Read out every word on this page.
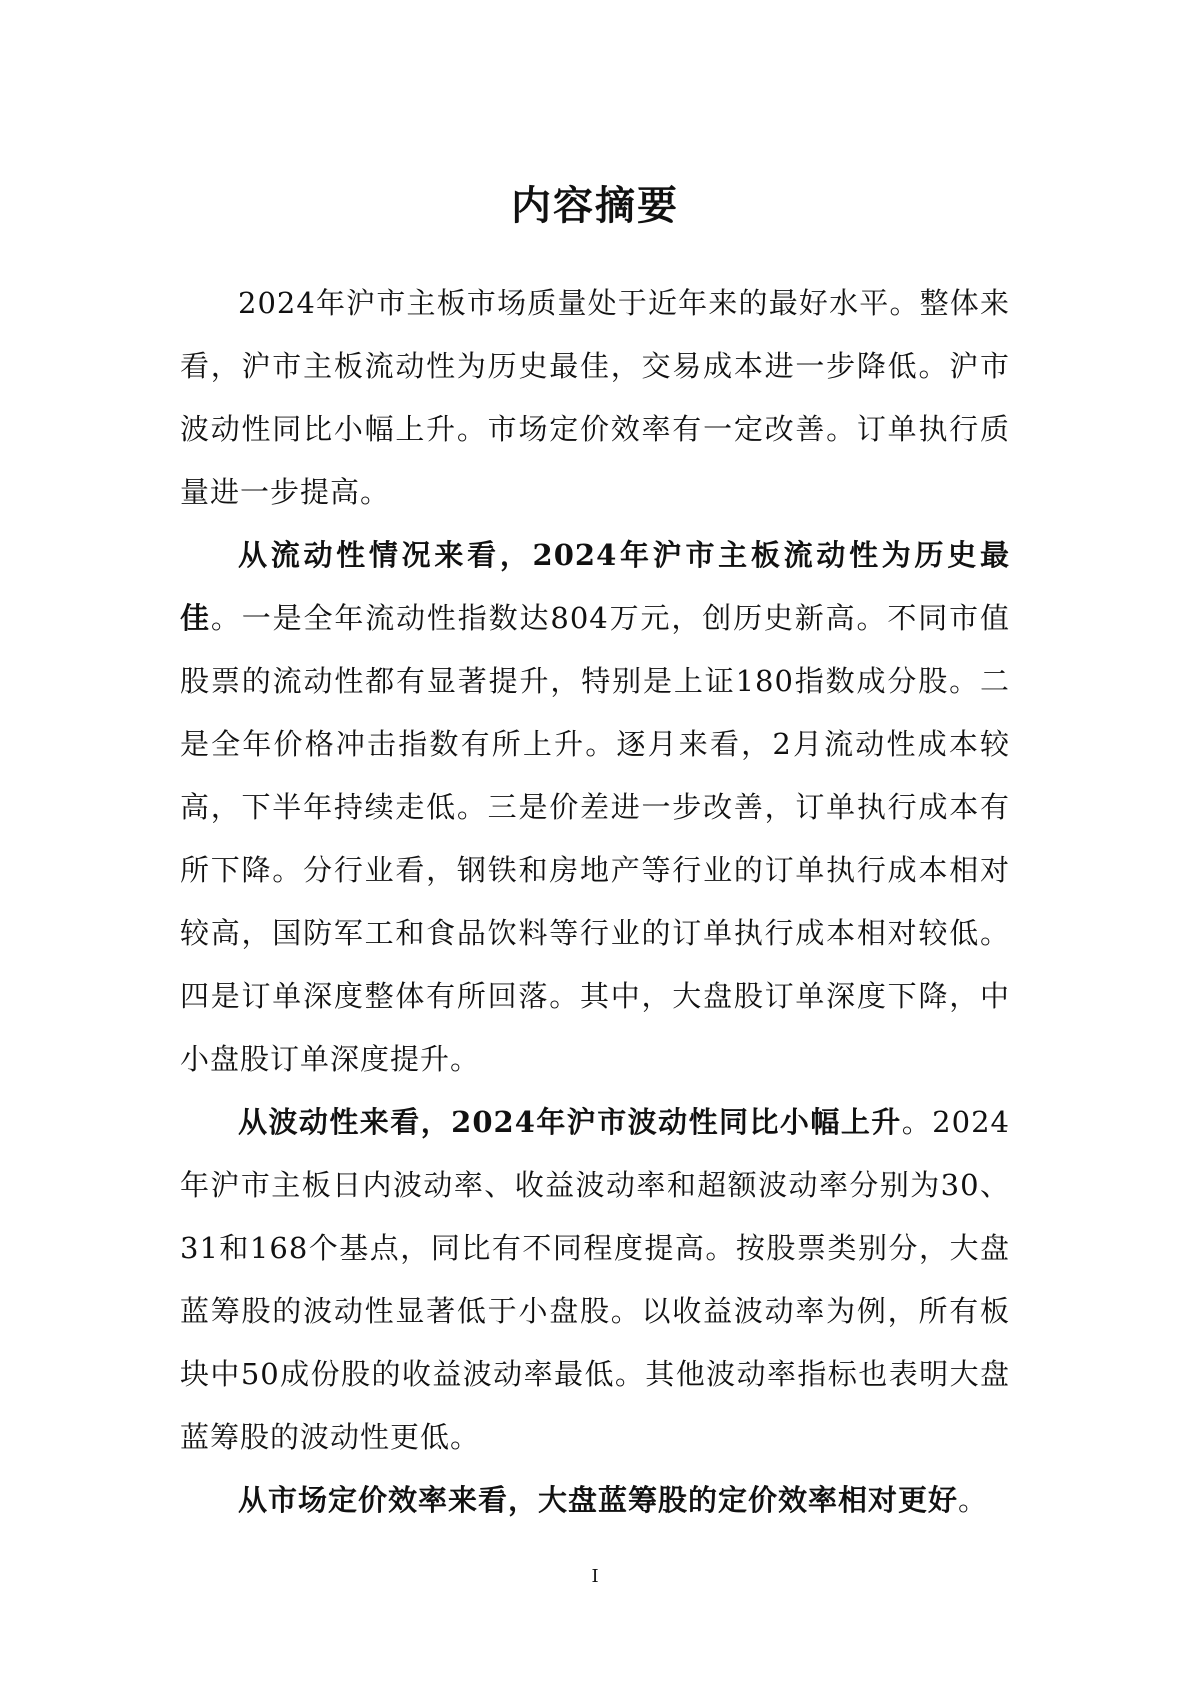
内容摘要

2024年沪市主板市场质量处于近年来的最好水平。整体来看，沪市主板流动性为历史最佳，交易成本进一步降低。沪市波动性同比小幅上升。市场定价效率有一定改善。订单执行质量进一步提高。

从流动性情况来看，2024年沪市主板流动性为历史最佳。一是全年流动性指数达804万元，创历史新高。不同市值股票的流动性都有显著提升，特别是上证180指数成分股。二是全年价格冲击指数有所上升。逐月来看，2月流动性成本较高，下半年持续走低。三是价差进一步改善，订单执行成本有所下降。分行业看，钢铁和房地产等行业的订单执行成本相对较高，国防军工和食品饮料等行业的订单执行成本相对较低。四是订单深度整体有所回落。其中，大盘股订单深度下降，中小盘股订单深度提升。

从波动性来看，2024年沪市波动性同比小幅上升。2024年沪市主板日内波动率、收益波动率和超额波动率分别为30、31和168个基点，同比有不同程度提高。按股票类别分，大盘蓝筹股的波动性显著低于小盘股。以收益波动率为例，所有板块中50成份股的收益波动率最低。其他波动率指标也表明大盘蓝筹股的波动性更低。

从市场定价效率来看，大盘蓝筹股的定价效率相对更好。

I
